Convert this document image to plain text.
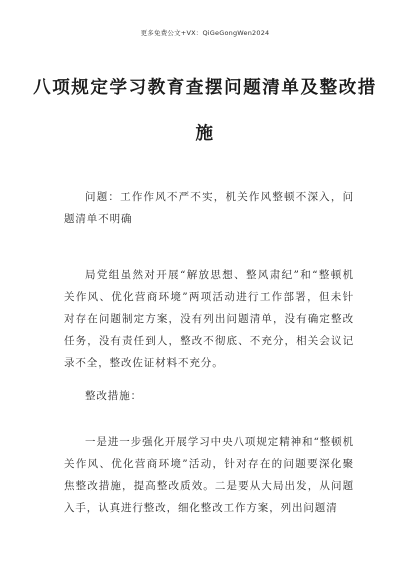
更多免费公文+VX：QiGeGongWen2024
八项规定学习教育查摆问题清单及整改措
施

问题：工作作风不严不实，机关作风整顿不深入，问题清单不明确

局党组虽然对开展“解放思想、整风肃纪”和“整顿机关作风、优化营商环境”两项活动进行工作部署，但未针对存在问题制定方案，没有列出问题清单，没有确定整改任务，没有责任到人，整改不彻底、不充分，相关会议记录不全，整改佐证材料不充分。

整改措施：

一是进一步强化开展学习中央八项规定精神和“整顿机关作风、优化营商环境”活动，针对存在的问题要深化聚焦整改措施，提高整改质效。二是要从大局出发，从问题入手，认真进行整改，细化整改工作方案，列出问题清
